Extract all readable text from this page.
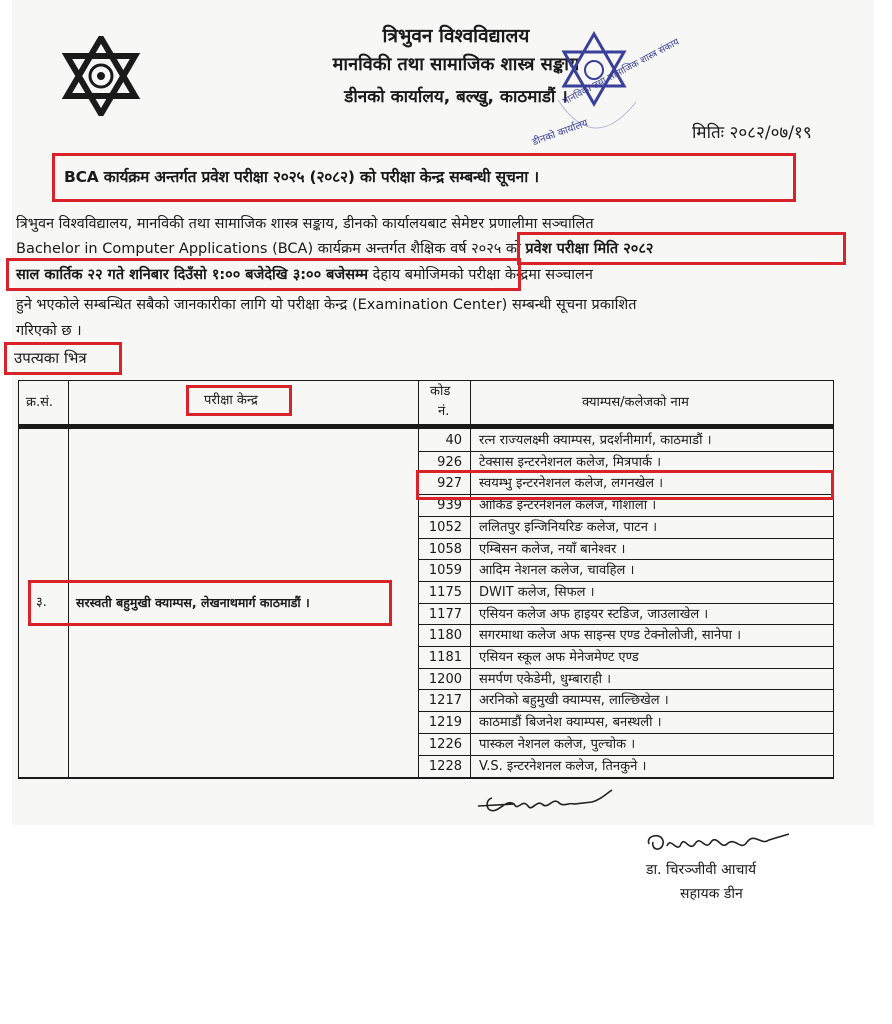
त्रिभुवन विश्वविद्यालय
मानविकी तथा सामाजिक शास्त्र सङ्काय
डीनको कार्यालय, बल्खु, काठमाडौं ।
मानविकी तथा सामाजिक शास्त्र संकाय
डीनको कार्यालय	मितिः २०८२/०७/१९
BCA कार्यक्रम अन्तर्गत प्रवेश परीक्षा २०२५ (२०८२) को परीक्षा केन्द्र सम्बन्धी सूचना ।
त्रिभुवन विश्वविद्यालय, मानविकी तथा सामाजिक शास्त्र सङ्काय, डीनको कार्यालयबाट सेमेष्टर प्रणालीमा सञ्चालित
Bachelor in Computer Applications (BCA) कार्यक्रम अन्तर्गत शैक्षिक वर्ष २०२५ को प्रवेश परीक्षा मिति २०८२
साल कार्तिक २२ गते शनिबार दिउँसो १:०० बजेदेखि ३:०० बजेसम्म देहाय बमोजिमको परीक्षा केन्द्रमा सञ्चालन
हुने भएकोले सम्बन्धित सबैको जानकारीका लागि यो परीक्षा केन्द्र (Examination Center) सम्बन्धी सूचना प्रकाशित
गरिएको छ ।
उपत्यका भित्र
क्र.सं.	परीक्षा केन्द्र
कोड
नं.
क्याम्पस/कलेजको नाम
३. सरस्वती बहुमुखी क्याम्पस, लेखनाथमार्ग काठमाडौं ।
40 रत्न राज्यलक्ष्मी क्याम्पस, प्रदर्शनीमार्ग, काठमाडौं ।
926 टेक्सास इन्टरनेशनल कलेज, मित्रपार्क ।
927 स्वयम्भु इन्टरनेशनल कलेज, लगनखेल ।
939 आर्किड इन्टरनेशनल कलेज, गौशाला ।
1052 ललितपुर इन्जिनियरिङ कलेज, पाटन ।
1058 एम्बिसन कलेज, नयाँ बानेश्वर ।
1059 आदिम नेशनल कलेज, चावहिल ।
1175 DWIT कलेज, सिफल ।
1177 एसियन कलेज अफ हाइयर स्टडिज, जाउलाखेल ।
1180 सगरमाथा कलेज अफ साइन्स एण्ड टेक्नोलोजी, सानेपा ।
1181 एसियन स्कूल अफ मेनेजमेण्ट एण्ड
1200 समर्पण एकेडेमी, धुम्बाराही ।
1217 अरनिको बहुमुखी क्याम्पस, लाल्छिखेल ।
1219 काठमाडौं बिजनेश क्याम्पस, बनस्थली ।
1226 पास्कल नेशनल कलेज, पुल्चोक ।
1228 V.S. इन्टरनेशनल कलेज, तिनकुने ।
डा. चिरञ्जीवी आचार्य
सहायक डीन
